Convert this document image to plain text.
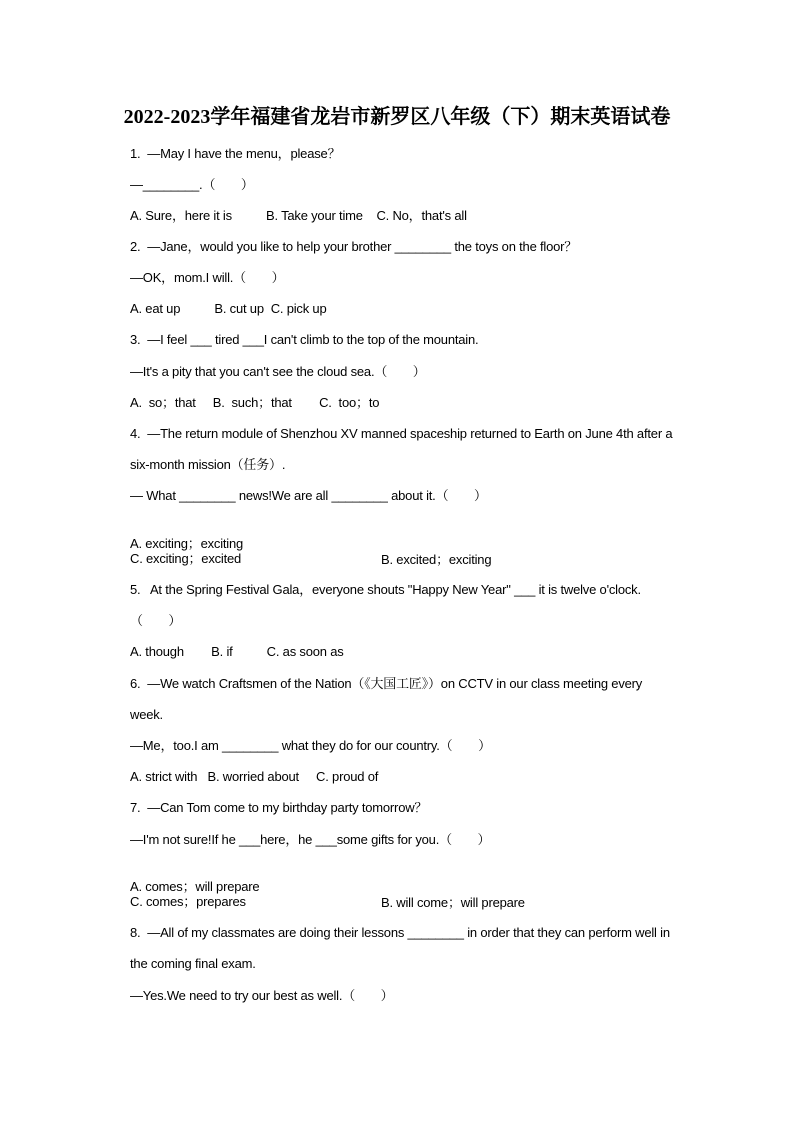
2022-2023学年福建省龙岩市新罗区八年级（下）期末英语试卷
1.  —May I have the menu，please？
—________.（　　）
A. Sure，here it is          B. Take your time    C. No，that's all
2.  —Jane，would you like to help your brother ________ the toys on the floor？
—OK，mom.I will.（　　）
A. eat up          B. cut up  C. pick up
3.  —I feel ___ tired ___I can't climb to the top of the mountain.
—It's a pity that you can't see the cloud sea.（　　）
A.  so；that     B.  such；that        C.  too；to
4.  —The return module of Shenzhou XV manned spaceship returned to Earth on June 4th after a
six-month mission（任务）.
— What ________ news!We are all ________ about it.（　　）

A. exciting；exciting

B. excited；exciting

C. exciting；excited
5.   At the Spring Festival Gala，everyone shouts "Happy New Year" ___ it is twelve o'clock.
（　　）
A. though        B. if          C. as soon as
6.  —We watch Craftsmen of the Nation（《大国工匠》）on CCTV in our class meeting every
week.
—Me，too.I am ________ what they do for our country.（　　）
A. strict with   B. worried about     C. proud of
7.  —Can Tom come to my birthday party tomorrow？
—I'm not sure!If he ___here，he ___some gifts for you.（　　）

A. comes；will prepare

B. will come；will prepare

C. comes；prepares
8.  —All of my classmates are doing their lessons ________ in order that they can perform well in
the coming final exam.
—Yes.We need to try our best as well.（　　）
